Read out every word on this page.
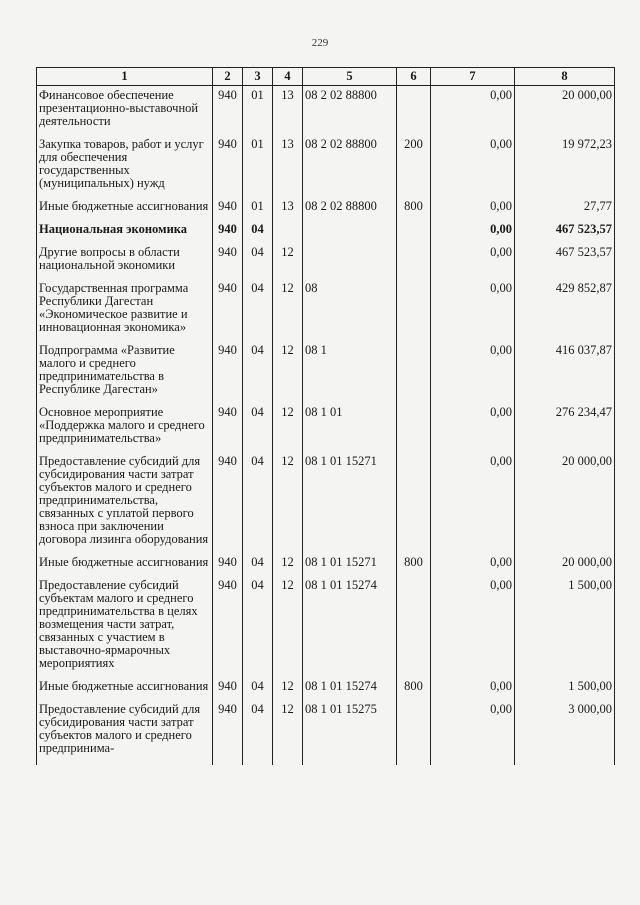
229
1	2	3	4	5	6	7	8
Финансовое обеспечение презентационно-выставочной деятельности	940	01	13	08 2 02 88800		0,00	20 000,00
Закупка товаров, работ и услуг для обеспечения государственных (муниципальных) нужд	940	01	13	08 2 02 88800	200	0,00	19 972,23
Иные бюджетные ассигнования	940	01	13	08 2 02 88800	800	0,00	27,77
Национальная экономика	940	04				0,00	467 523,57
Другие вопросы в области национальной экономики	940	04	12			0,00	467 523,57
Государственная программа Республики Дагестан «Экономическое развитие и инновационная экономика»	940	04	12	08		0,00	429 852,87
Подпрограмма «Развитие малого и среднего предпринимательства в Республике Дагестан»	940	04	12	08 1		0,00	416 037,87
Основное мероприятие «Поддержка малого и среднего предпринимательства»	940	04	12	08 1 01		0,00	276 234,47
Предоставление субсидий для субсидирования части затрат субъектов малого и среднего предпринимательства, связанных с уплатой первого взноса при заключении договора лизинга оборудования	940	04	12	08 1 01 15271		0,00	20 000,00
Иные бюджетные ассигнования	940	04	12	08 1 01 15271	800	0,00	20 000,00
Предоставление субсидий субъектам малого и среднего предпринимательства в целях возмещения части затрат, связанных с участием в выставочно-ярмарочных мероприятиях	940	04	12	08 1 01 15274		0,00	1 500,00
Иные бюджетные ассигнования	940	04	12	08 1 01 15274	800	0,00	1 500,00
Предоставление субсидий для субсидирования части затрат субъектов малого и среднего предпринима-	940	04	12	08 1 01 15275		0,00	3 000,00
